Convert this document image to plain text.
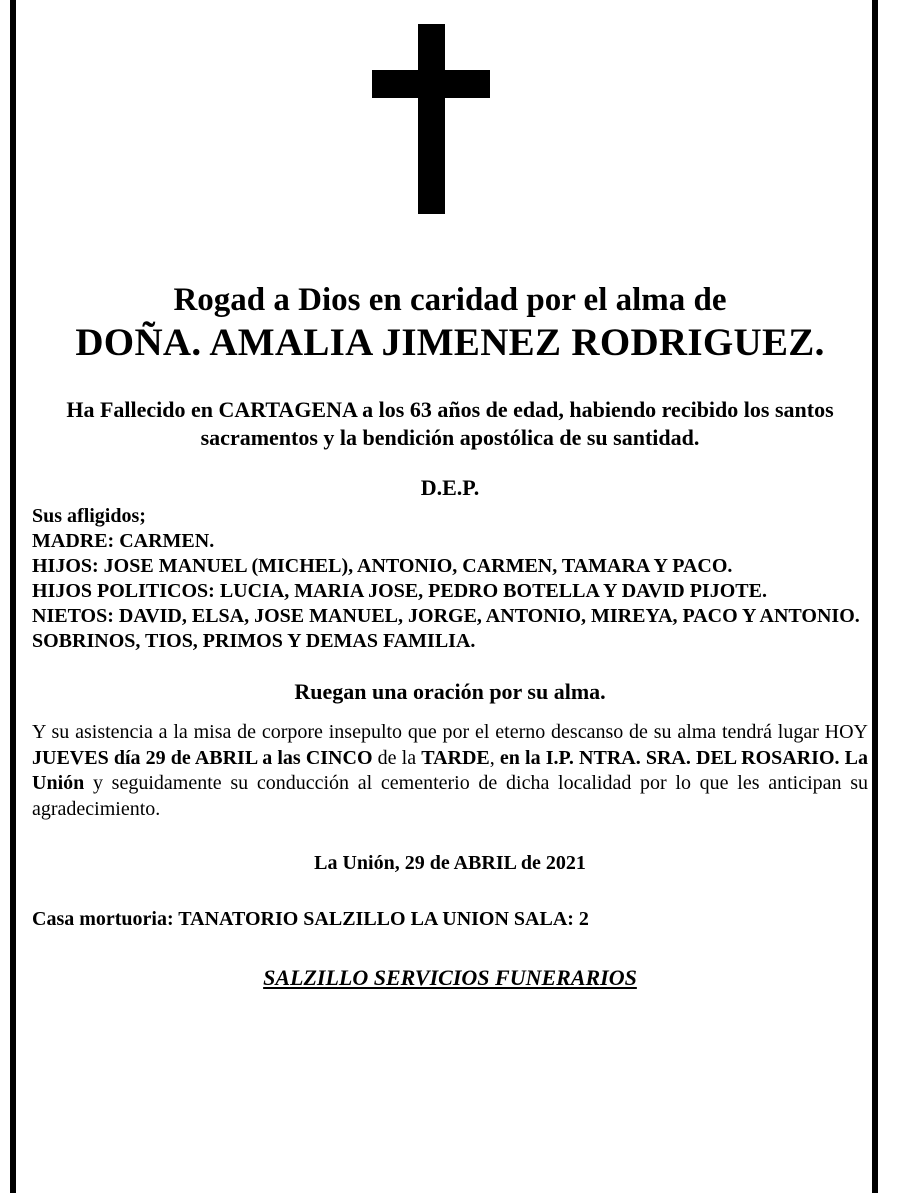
Rogad a Dios en caridad por el alma de
DOÑA. AMALIA JIMENEZ RODRIGUEZ.
Ha Fallecido en CARTAGENA a los 63 años de edad, habiendo recibido los santos sacramentos y la bendición apostólica de su santidad.
D.E.P.
Sus afligidos;
MADRE: CARMEN.
HIJOS: JOSE MANUEL (MICHEL), ANTONIO, CARMEN, TAMARA Y PACO.
HIJOS POLITICOS: LUCIA, MARIA JOSE, PEDRO BOTELLA Y DAVID PIJOTE.
NIETOS: DAVID, ELSA, JOSE MANUEL, JORGE, ANTONIO, MIREYA, PACO Y ANTONIO.
SOBRINOS, TIOS, PRIMOS Y DEMAS FAMILIA.
Ruegan una oración por su alma.
Y su asistencia a la misa de corpore insepulto que por el eterno descanso de su alma tendrá lugar HOY JUEVES día 29 de ABRIL a las CINCO de la TARDE, en la I.P. NTRA. SRA. DEL ROSARIO. La Unión y seguidamente su conducción al cementerio de dicha localidad por lo que les anticipan su agradecimiento.
La Unión, 29 de ABRIL de 2021
Casa mortuoria: TANATORIO SALZILLO LA UNION SALA: 2
SALZILLO SERVICIOS FUNERARIOS
